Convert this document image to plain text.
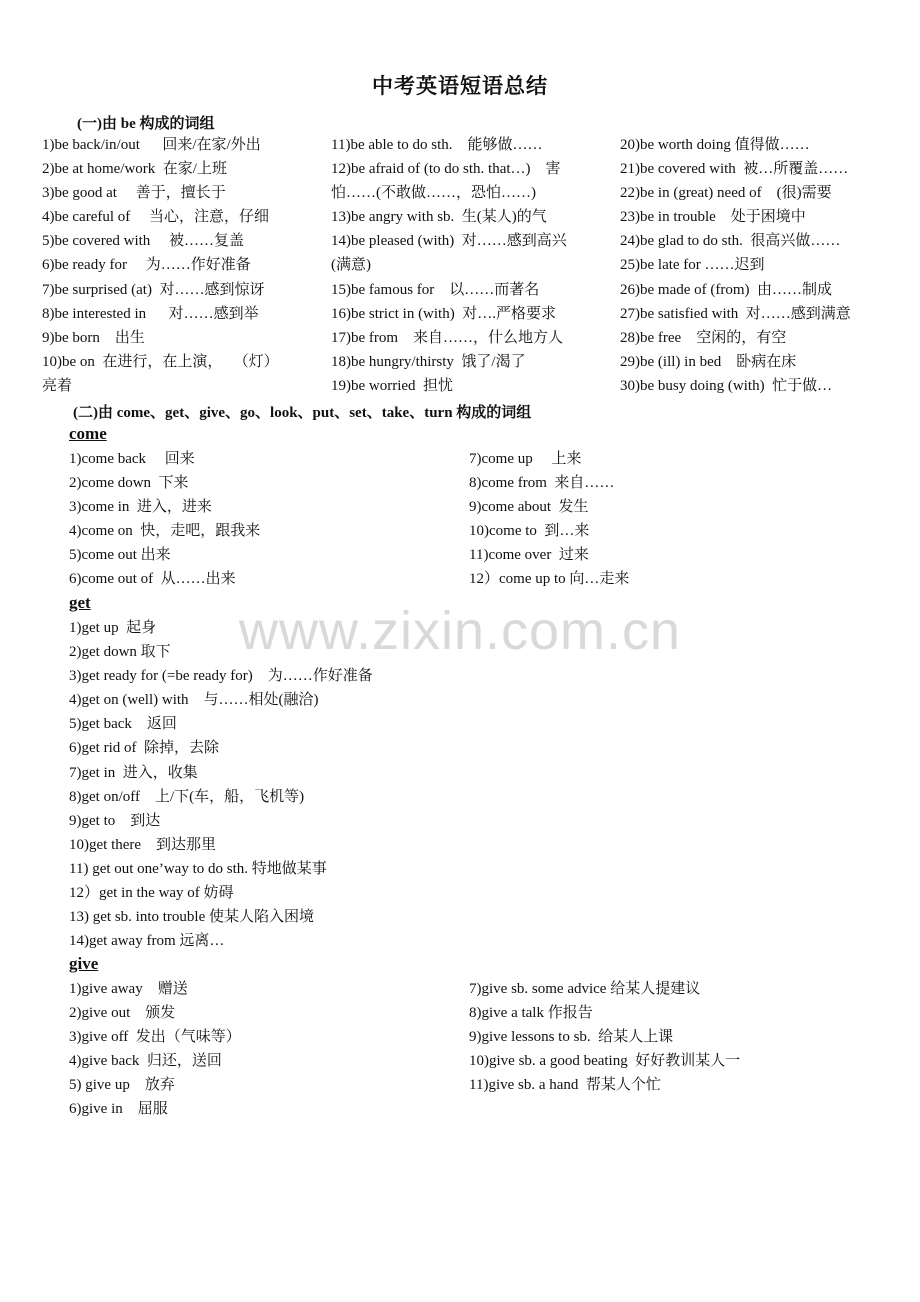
中考英语短语总结
(一)由 be 构成的词组
1)be back/in/out      回来/在家/外出
2)be at home/work  在家/上班
3)be good at     善于，擅长于
4)be careful of     当心，注意，仔细
5)be covered with     被……复盖
6)be ready for     为……作好准备
7)be surprised (at)  对……感到惊讶
8)be interested in      对……感到举
9)be born    出生
10)be on  在进行，在上演，   （灯）
亮着
11)be able to do sth.    能够做……
12)be afraid of (to do sth. that…)    害
怕……(不敢做……，恐怕……)
13)be angry with sb.  生(某人)的气
14)be pleased (with)  对……感到高兴
(满意)
15)be famous for    以……而著名
16)be strict in (with)  对….严格要求
17)be from    来自……，什么地方人
18)be hungry/thirsty  饿了/渴了
19)be worried  担忧
20)be worth doing 值得做……
21)be covered with  被…所覆盖……
22)be in (great) need of    (很)需要
23)be in trouble    处于困境中
24)be glad to do sth.  很高兴做……
25)be late for ……迟到
26)be made of (from)  由……制成
27)be satisfied with  对……感到满意
28)be free    空闲的，有空
29)be (ill) in bed    卧病在床
30)be busy doing (with)  忙于做…
(二)由 come、get、give、go、look、put、set、take、turn 构成的词组
come
1)come back     回来
2)come down  下来
3)come in  进入，进来
4)come on  快，走吧，跟我来
5)come out 出来
6)come out of  从……出来
7)come up     上来
8)come from  来自……
9)come about  发生
10)come to  到…来
11)come over  过来
12）come up to 向…走来
get
1)get up  起身
2)get down 取下
3)get ready for (=be ready for)    为……作好准备
4)get on (well) with    与……相处(融洽)
5)get back    返回
6)get rid of  除掉，去除
7)get in  进入，收集
8)get on/off    上/下(车，船，飞机等)
9)get to    到达
10)get there    到达那里
11) get out one’way to do sth. 特地做某事
12）get in the way of 妨碍
13) get sb. into trouble 使某人陷入困境
14)get away from 远离…
give
1)give away    赠送
2)give out    颁发
3)give off  发出（气味等）
4)give back  归还，送回
5) give up    放弃
6)give in    屈服
7)give sb. some advice 给某人提建议
8)give a talk 作报告
9)give lessons to sb.  给某人上课
10)give sb. a good beating  好好教训某人一
11)give sb. a hand  帮某人个忙
www.zixin.com.cn
